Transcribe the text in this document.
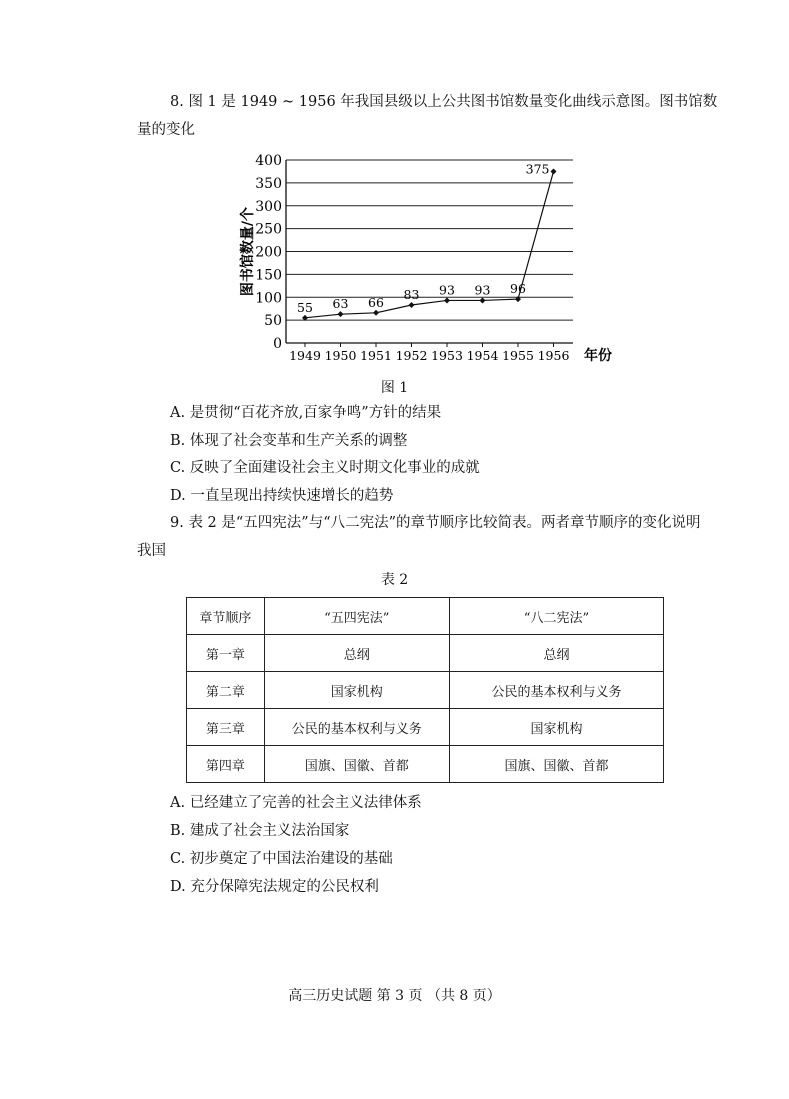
8. 图 1 是 1949 ~ 1956 年我国县级以上公共图书馆数量变化曲线示意图。图书馆数
量的变化
0
50
100
150
200
250
300
350
400
1949 1950 1951 1952 1953 1954 1955 1956 年份
图书馆数量/个
55 63 66
83 93 93 96
375
图 1
A. 是贯彻“百花齐放,百家争鸣”方针的结果
B. 体现了社会变革和生产关系的调整
C. 反映了全面建设社会主义时期文化事业的成就
D. 一直呈现出持续快速增长的趋势
9. 表 2 是“五四宪法”与“八二宪法”的章节顺序比较简表。两者章节顺序的变化说明
我国
表 2
章节顺序	“五四宪法”	“八二宪法”
第一章	总纲	总纲
第二章	国家机构	公民的基本权利与义务
第三章	公民的基本权利与义务	国家机构
第四章	国旗、国徽、首都	国旗、国徽、首都
A. 已经建立了完善的社会主义法律体系
B. 建成了社会主义法治国家
C. 初步奠定了中国法治建设的基础
D. 充分保障宪法规定的公民权利
高三历史试题 第 3 页 （共 8 页）
